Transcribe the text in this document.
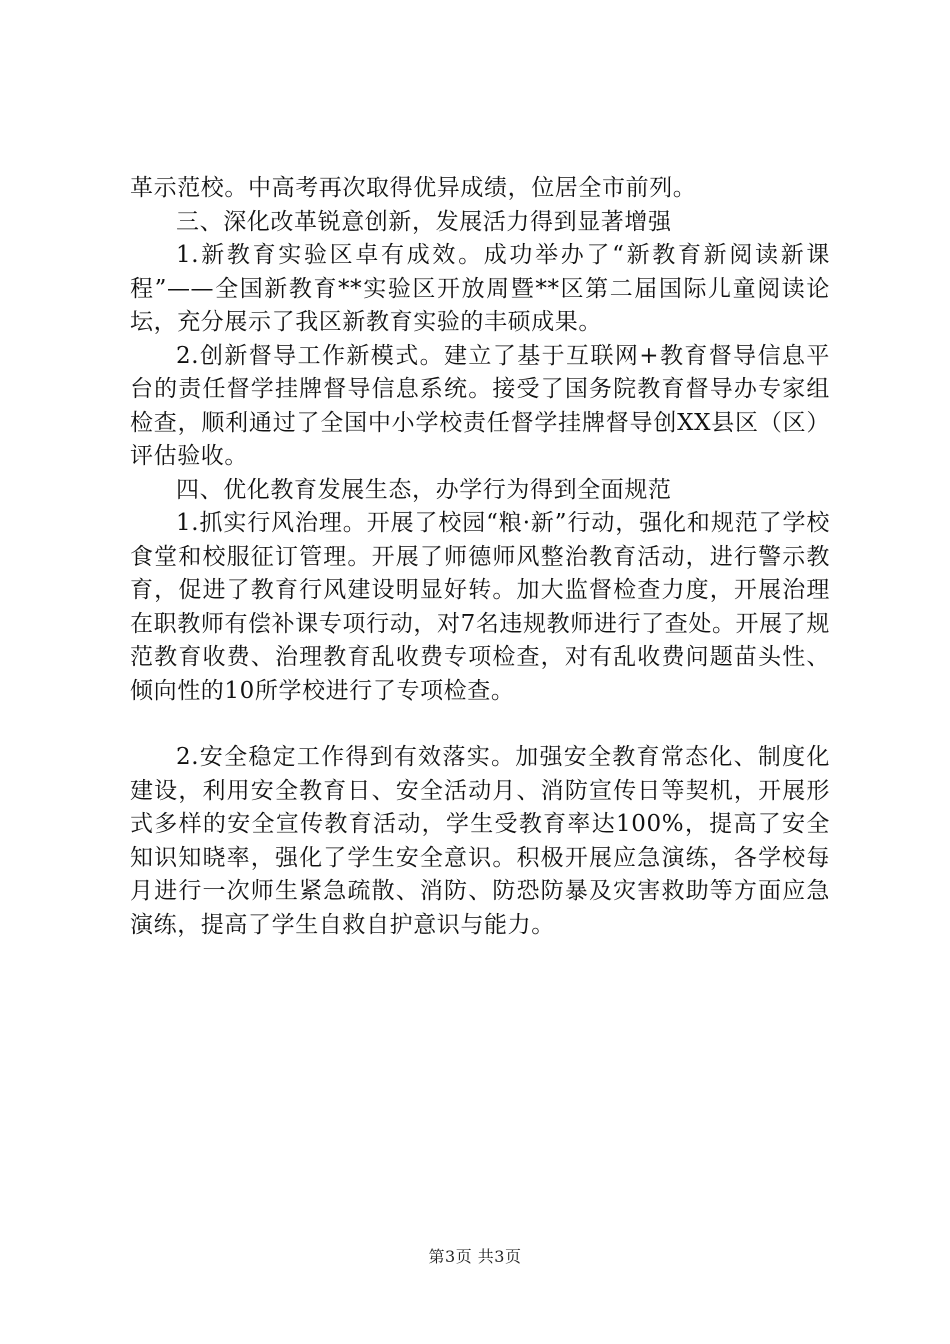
革示范校。中高考再次取得优异成绩，位居全市前列。

三、深化改革锐意创新，发展活力得到显著增强

1.新教育实验区卓有成效。成功举办了“新教育新阅读新课程”——全国新教育**实验区开放周暨**区第二届国际儿童阅读论坛，充分展示了我区新教育实验的丰硕成果。

2.创新督导工作新模式。建立了基于互联网+教育督导信息平台的责任督学挂牌督导信息系统。接受了国务院教育督导办专家组检查，顺利通过了全国中小学校责任督学挂牌督导创XX县区（区）评估验收。

四、优化教育发展生态，办学行为得到全面规范

1.抓实行风治理。开展了校园“粮·新”行动，强化和规范了学校食堂和校服征订管理。开展了师德师风整治教育活动，进行警示教育，促进了教育行风建设明显好转。加大监督检查力度，开展治理在职教师有偿补课专项行动，对7名违规教师进行了查处。开展了规范教育收费、治理教育乱收费专项检查，对有乱收费问题苗头性、倾向性的10所学校进行了专项检查。

2.安全稳定工作得到有效落实。加强安全教育常态化、制度化建设，利用安全教育日、安全活动月、消防宣传日等契机，开展形式多样的安全宣传教育活动，学生受教育率达100%，提高了安全知识知晓率，强化了学生安全意识。积极开展应急演练，各学校每月进行一次师生紧急疏散、消防、防恐防暴及灾害救助等方面应急演练，提高了学生自救自护意识与能力。

第3页 共3页
